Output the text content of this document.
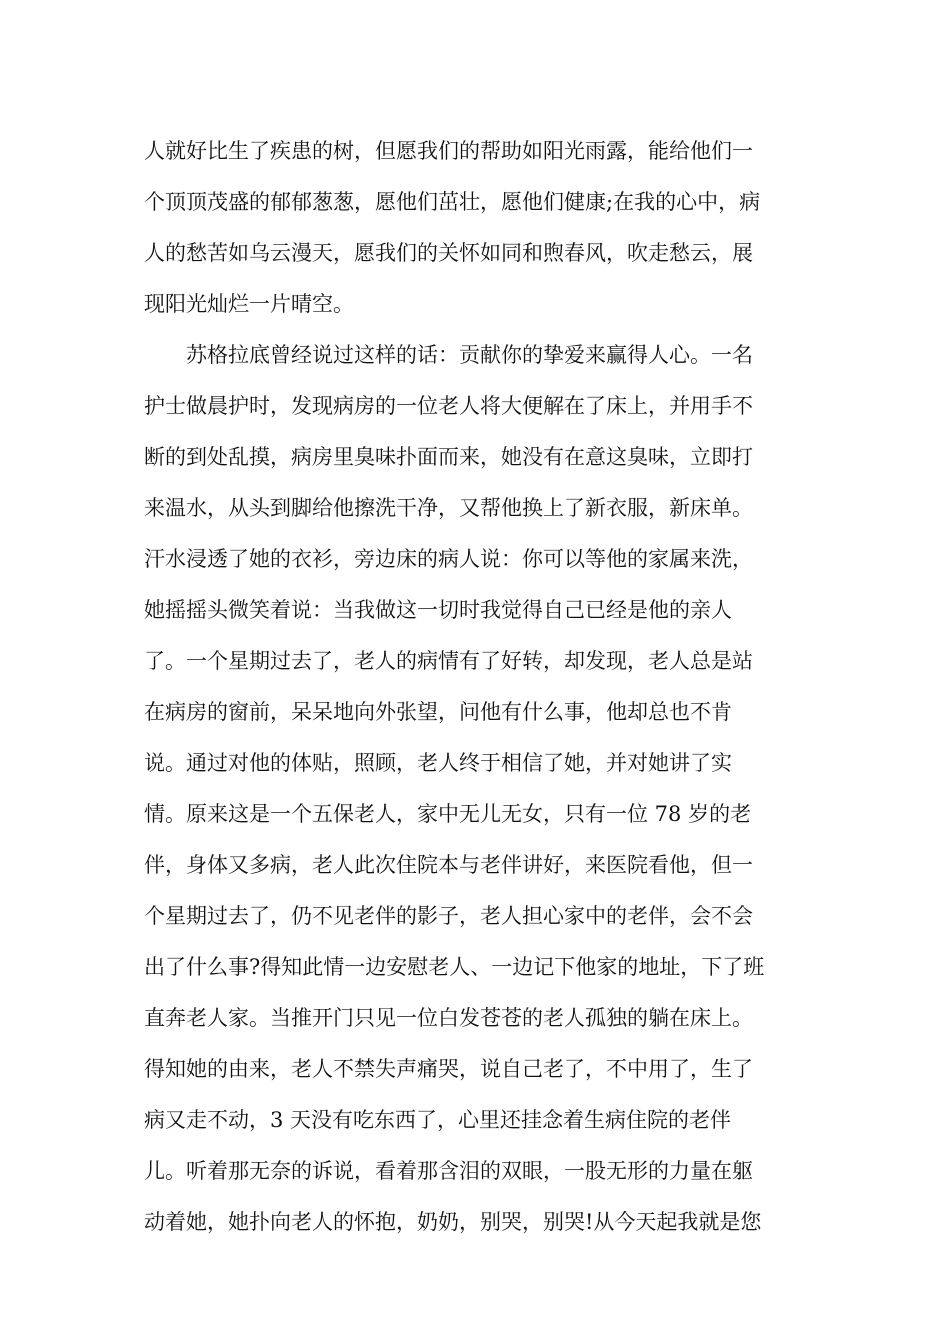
人就好比生了疾患的树，但愿我们的帮助如阳光雨露，能给他们一
个顶顶茂盛的郁郁葱葱，愿他们茁壮，愿他们健康;在我的心中，病
人的愁苦如乌云漫天，愿我们的关怀如同和煦春风，吹走愁云，展
现阳光灿烂一片晴空。
　　苏格拉底曾经说过这样的话：贡献你的挚爱来赢得人心。一名
护士做晨护时，发现病房的一位老人将大便解在了床上，并用手不
断的到处乱摸，病房里臭味扑面而来，她没有在意这臭味，立即打
来温水，从头到脚给他擦洗干净，又帮他换上了新衣服，新床单。
汗水浸透了她的衣衫，旁边床的病人说：你可以等他的家属来洗，
她摇摇头微笑着说：当我做这一切时我觉得自己已经是他的亲人
了。一个星期过去了，老人的病情有了好转，却发现，老人总是站
在病房的窗前，呆呆地向外张望，问他有什么事，他却总也不肯
说。通过对他的体贴，照顾，老人终于相信了她，并对她讲了实
情。原来这是一个五保老人，家中无儿无女，只有一位 78 岁的老
伴，身体又多病，老人此次住院本与老伴讲好，来医院看他，但一
个星期过去了，仍不见老伴的影子，老人担心家中的老伴，会不会
出了什么事?得知此情一边安慰老人、一边记下他家的地址，下了班
直奔老人家。当推开门只见一位白发苍苍的老人孤独的躺在床上。
得知她的由来，老人不禁失声痛哭，说自己老了，不中用了，生了
病又走不动，3 天没有吃东西了，心里还挂念着生病住院的老伴
儿。听着那无奈的诉说，看着那含泪的双眼，一股无形的力量在躯
动着她，她扑向老人的怀抱，奶奶，别哭，别哭!从今天起我就是您
